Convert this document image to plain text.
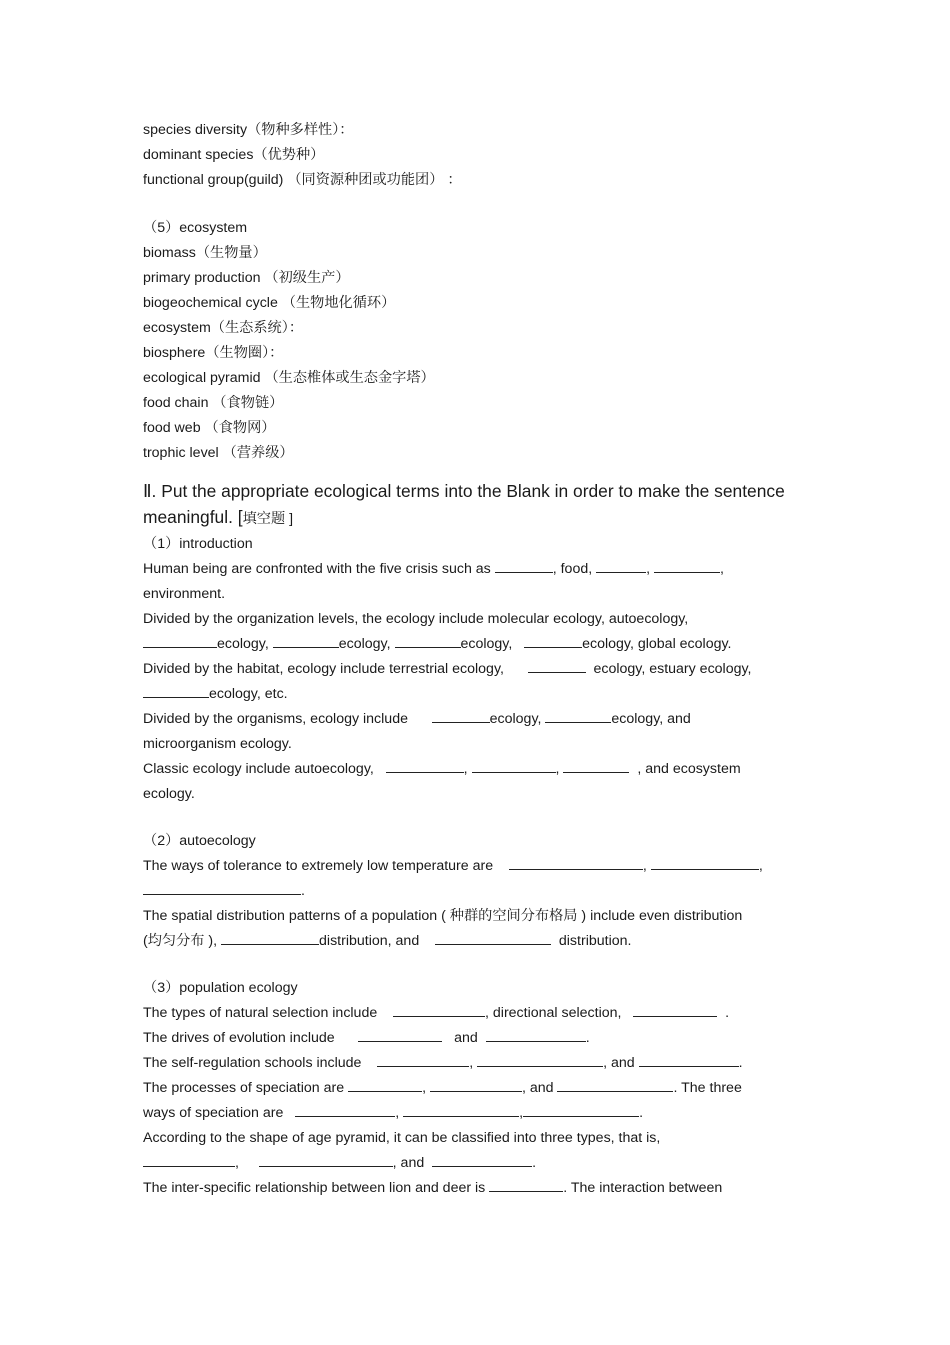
species diversity（物种多样性）：
dominant species（优势种）
functional group(guild) （同资源种团或功能团） ：
（5）ecosystem
biomass（生物量）
primary production （初级生产）
biogeochemical cycle （生物地化循环）
ecosystem（生态系统）：
biosphere（生物圈）：
ecological pyramid （生态椎体或生态金字塔）
food chain （食物链）
food web （食物网）
trophic level （营养级）
Ⅱ. Put the appropriate ecological terms into the Blank in order to make the sentence meaningful. [填空题 ]
（1）introduction
Human being are confronted with the five crisis such as	, food,	,	,
environment.
Divided by the organization levels, the ecology include molecular ecology, autoecology,
ecology,	ecology,	ecology,	ecology, global ecology.
Divided by the habitat, ecology include terrestrial ecology,	ecology, estuary ecology,
ecology, etc.
Divided by the organisms, ecology include	ecology,	ecology, and
microorganism ecology.
Classic ecology include autoecology,	,	,	, and ecosystem
ecology.
（2）autoecology
The ways of tolerance to extremely low temperature are	,	,
.
The spatial distribution patterns of a population ( 种群的空间分布格局 ) include even distribution
(均匀分布 ),	distribution, and	distribution.
（3）population ecology
The types of natural selection include	, directional selection,	.
The drives of evolution include	and	.
The self-regulation schools include	,	, and	.
The processes of speciation are	,	, and	. The three
ways of speciation are	,	,	.
According to the shape of age pyramid, it can be classified into three types, that is,
,	, and	.
The inter-specific relationship between lion and deer is	. The interaction between
